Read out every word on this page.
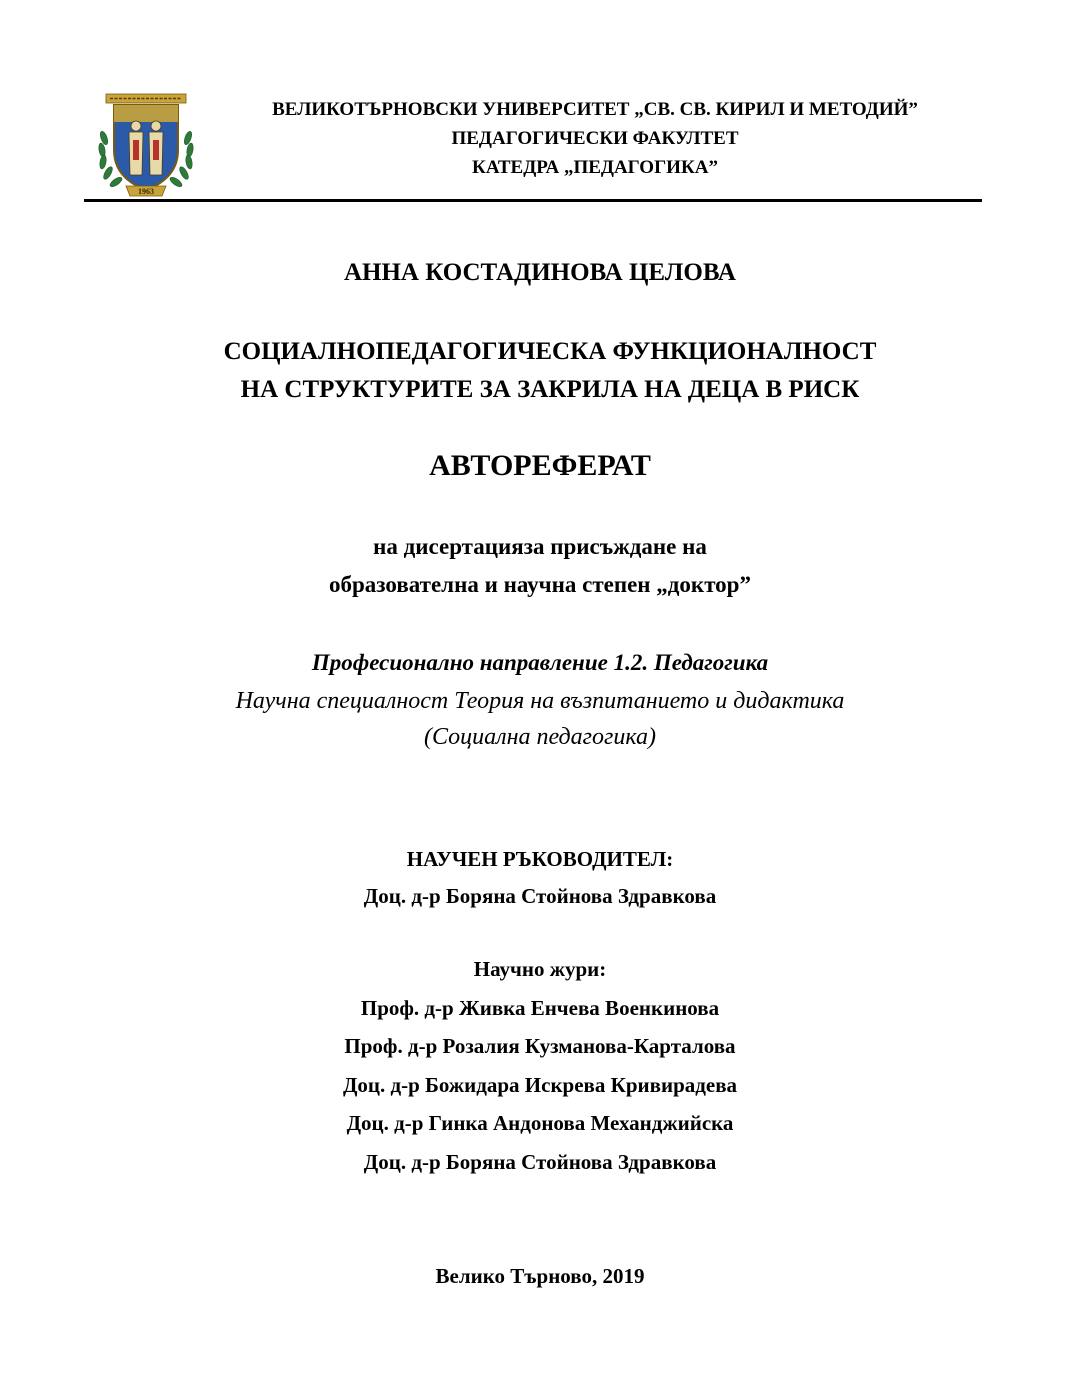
1963
ВЕЛИКОТЪРНОВСКИ УНИВЕРСИТЕТ „СВ. СВ. КИРИЛ И МЕТОДИЙ”
ПЕДАГОГИЧЕСКИ ФАКУЛТЕТ
КАТЕДРА „ПЕДАГОГИКА”
АННА КОСТАДИНОВА ЦЕЛОВА
СОЦИАЛНОПЕДАГОГИЧЕСКА ФУНКЦИОНАЛНОСТ
НА СТРУКТУРИТЕ ЗА ЗАКРИЛА НА ДЕЦА В РИСК
АВТОРЕФЕРАТ
на дисертацияза присъждане на
образователна и научна степен „доктор”
Професионално направление 1.2. Педагогика
Научна специалност Теория на възпитанието и дидактика
(Социална педагогика)
НАУЧЕН РЪКОВОДИТЕЛ:
Доц. д-р Боряна Стойнова Здравкова
Научно жури:
Проф. д-р Живка Енчева Военкинова
Проф. д-р Розалия Кузманова-Карталова
Доц. д-р Божидара Искрева Кривирадева
Доц. д-р Гинка Андонова Механджийска
Доц. д-р Боряна Стойнова Здравкова
Велико Търново, 2019
